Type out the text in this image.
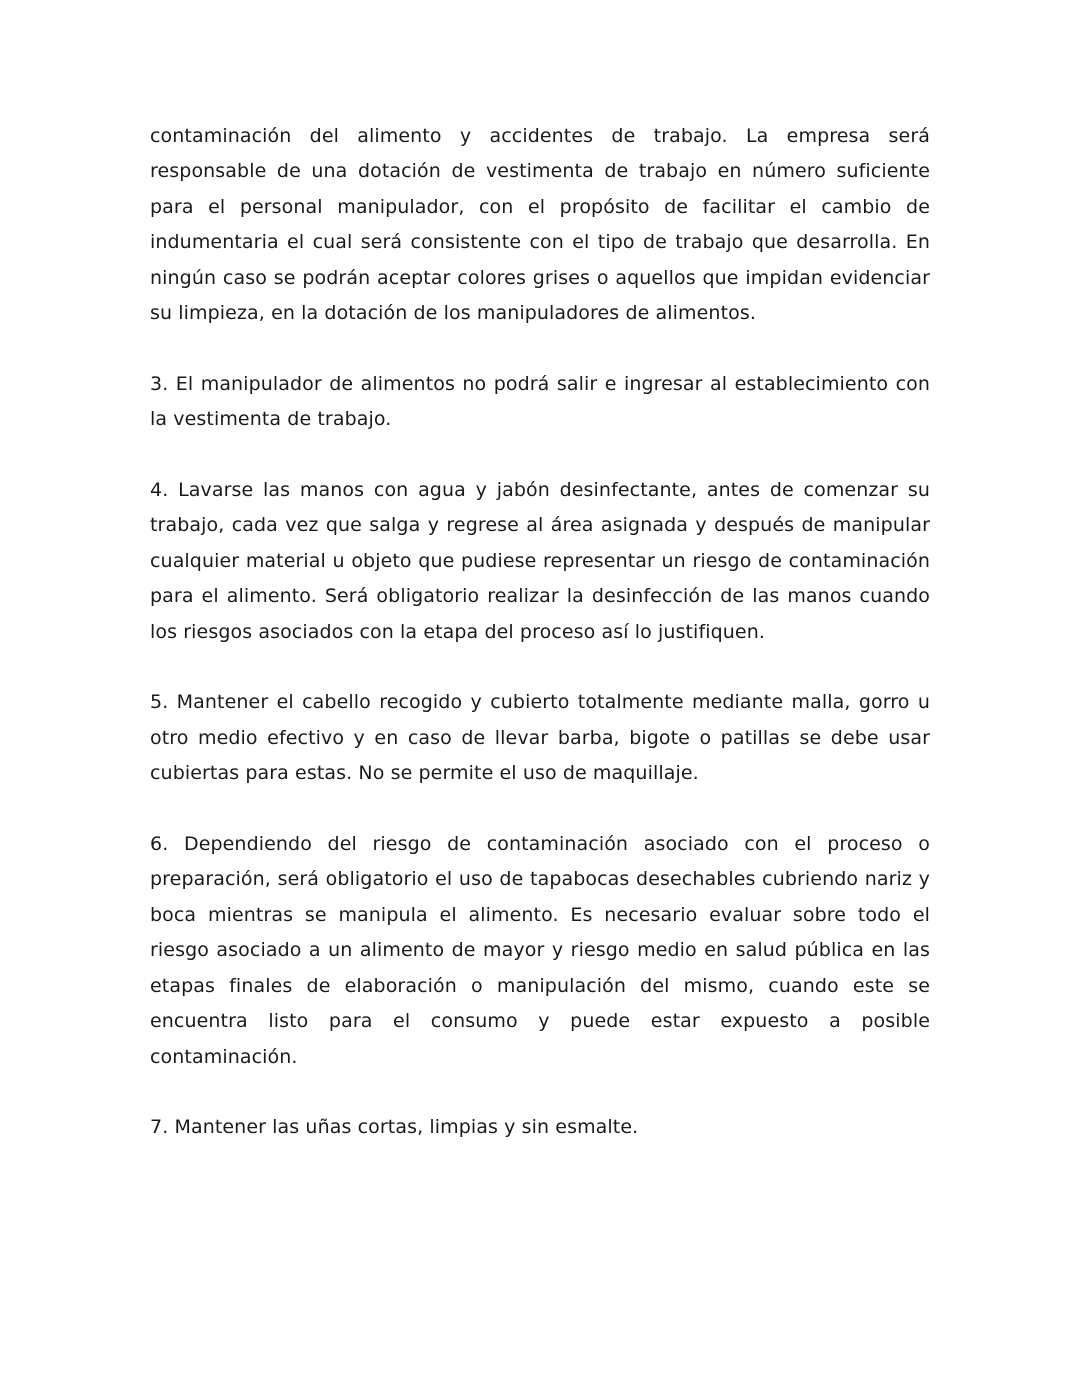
contaminación del alimento y accidentes de trabajo. La empresa será responsable de una dotación de vestimenta de trabajo en número suficiente para el personal manipulador, con el propósito de facilitar el cambio de indumentaria el cual será consistente con el tipo de trabajo que desarrolla. En ningún caso se podrán aceptar colores grises o aquellos que impidan evidenciar su limpieza, en la dotación de los manipuladores de alimentos.

3. El manipulador de alimentos no podrá salir e ingresar al establecimiento con la vestimenta de trabajo.

4. Lavarse las manos con agua y jabón desinfectante, antes de comenzar su trabajo, cada vez que salga y regrese al área asignada y después de manipular cualquier material u objeto que pudiese representar un riesgo de contaminación para el alimento. Será obligatorio realizar la desinfección de las manos cuando los riesgos asociados con la etapa del proceso así lo justifiquen.

5. Mantener el cabello recogido y cubierto totalmente mediante malla, gorro u otro medio efectivo y en caso de llevar barba, bigote o patillas se debe usar cubiertas para estas. No se permite el uso de maquillaje.

6. Dependiendo del riesgo de contaminación asociado con el proceso o preparación, será obligatorio el uso de tapabocas desechables cubriendo nariz y boca mientras se manipula el alimento. Es necesario evaluar sobre todo el riesgo asociado a un alimento de mayor y riesgo medio en salud pública en las etapas finales de elaboración o manipulación del mismo, cuando este se encuentra listo para el consumo y puede estar expuesto a posible contaminación.

7. Mantener las uñas cortas, limpias y sin esmalte.
